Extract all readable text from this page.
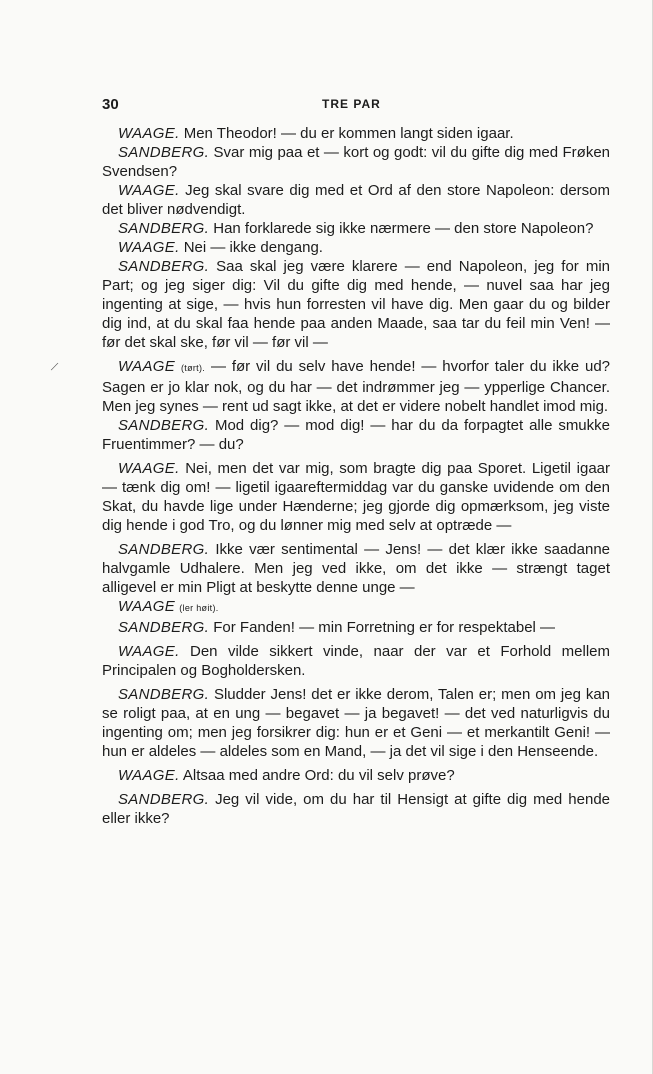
30	TRE PAR
/

WAAGE. Men Theodor! — du er kommen langt siden igaar.

SANDBERG. Svar mig paa et — kort og godt: vil du gifte dig med Frøken Svendsen?

WAAGE. Jeg skal svare dig med et Ord af den store Napoleon: dersom det bliver nødvendigt.

SANDBERG. Han forklarede sig ikke nærmere — den store Napoleon?

WAAGE. Nei — ikke dengang.

SANDBERG. Saa skal jeg være klarere — end Napoleon, jeg for min Part; og jeg siger dig: Vil du gifte dig med hende, — nuvel saa har jeg ingenting at sige, — hvis hun forresten vil have dig. Men gaar du og bilder dig ind, at du skal faa hende paa anden Maade, saa tar du feil min Ven! — før det skal ske, før vil — før vil —

WAAGE (tørt). — før vil du selv have hende! — hvorfor taler du ikke ud? Sagen er jo klar nok, og du har — det indrømmer jeg — ypperlige Chancer. Men jeg synes — rent ud sagt ikke, at det er videre nobelt handlet imod mig.

SANDBERG. Mod dig? — mod dig! — har du da forpagtet alle smukke Fruentimmer? — du?

WAAGE. Nei, men det var mig, som bragte dig paa Sporet. Ligetil igaar — tænk dig om! — ligetil igaareftermiddag var du ganske uvidende om den Skat, du havde lige under Hænderne; jeg gjorde dig opmærksom, jeg viste dig hende i god Tro, og du lønner mig med selv at optræde —

SANDBERG. Ikke vær sentimental — Jens! — det klær ikke saadanne halvgamle Udhalere. Men jeg ved ikke, om det ikke — strængt taget alligevel er min Pligt at beskytte denne unge —

WAAGE (ler høit).

SANDBERG. For Fanden! — min Forretning er for respektabel —

WAAGE. Den vilde sikkert vinde, naar der var et Forhold mellem Principalen og Bogholdersken.

SANDBERG. Sludder Jens! det er ikke derom, Talen er; men om jeg kan se roligt paa, at en ung — begavet — ja begavet! — det ved naturligvis du ingenting om; men jeg forsikrer dig: hun er et Geni — et merkantilt Geni! — hun er aldeles — aldeles som en Mand, — ja det vil sige i den Henseende.

WAAGE. Altsaa med andre Ord: du vil selv prøve?

SANDBERG. Jeg vil vide, om du har til Hensigt at gifte dig med hende eller ikke?
